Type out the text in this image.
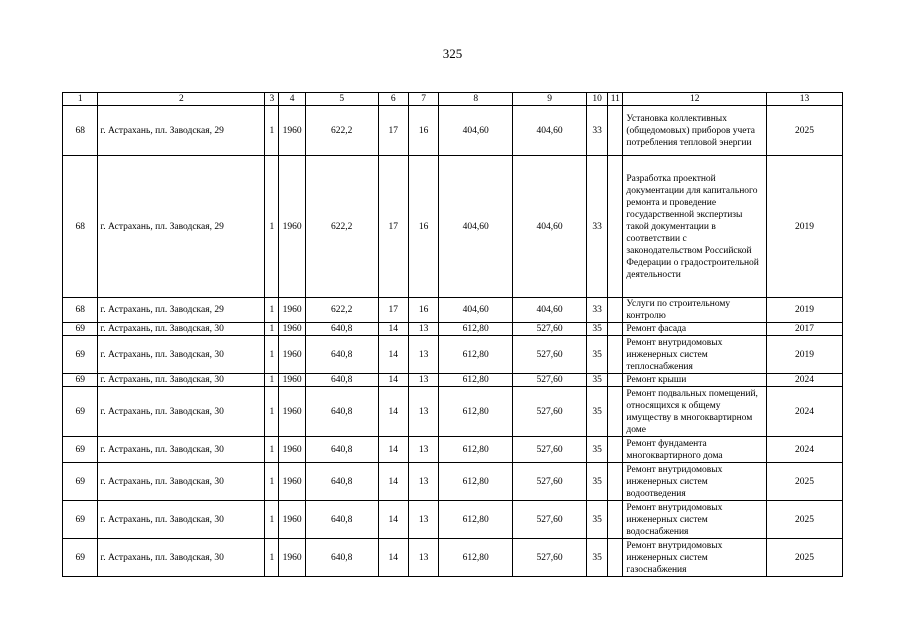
325
1	2	3	4	5	6	7	8	9	10	11	12	13
68	г. Астрахань, пл. Заводская, 29	1	1960	622,2	17	16	404,60	404,60	33		Установка коллективных (общедомовых) приборов учета потребления тепловой энергии	2025
68	г. Астрахань, пл. Заводская, 29	1	1960	622,2	17	16	404,60	404,60	33		Разработка проектной документации для капитального ремонта и проведение государственной экспертизы такой документации в соответствии с законодательством Российской Федерации о градостроительной деятельности	2019
68	г. Астрахань, пл. Заводская, 29	1	1960	622,2	17	16	404,60	404,60	33		Услуги по строительному контролю	2019
69	г. Астрахань, пл. Заводская, 30	1	1960	640,8	14	13	612,80	527,60	35		Ремонт фасада	2017
69	г. Астрахань, пл. Заводская, 30	1	1960	640,8	14	13	612,80	527,60	35		Ремонт внутридомовых инженерных систем теплоснабжения	2019
69	г. Астрахань, пл. Заводская, 30	1	1960	640,8	14	13	612,80	527,60	35		Ремонт крыши	2024
69	г. Астрахань, пл. Заводская, 30	1	1960	640,8	14	13	612,80	527,60	35		Ремонт подвальных помещений, относящихся к общему имуществу в многоквартирном доме	2024
69	г. Астрахань, пл. Заводская, 30	1	1960	640,8	14	13	612,80	527,60	35		Ремонт фундамента многоквартирного дома	2024
69	г. Астрахань, пл. Заводская, 30	1	1960	640,8	14	13	612,80	527,60	35		Ремонт внутридомовых инженерных систем водоотведения	2025
69	г. Астрахань, пл. Заводская, 30	1	1960	640,8	14	13	612,80	527,60	35		Ремонт внутридомовых инженерных систем водоснабжения	2025
69	г. Астрахань, пл. Заводская, 30	1	1960	640,8	14	13	612,80	527,60	35		Ремонт внутридомовых инженерных систем газоснабжения	2025
